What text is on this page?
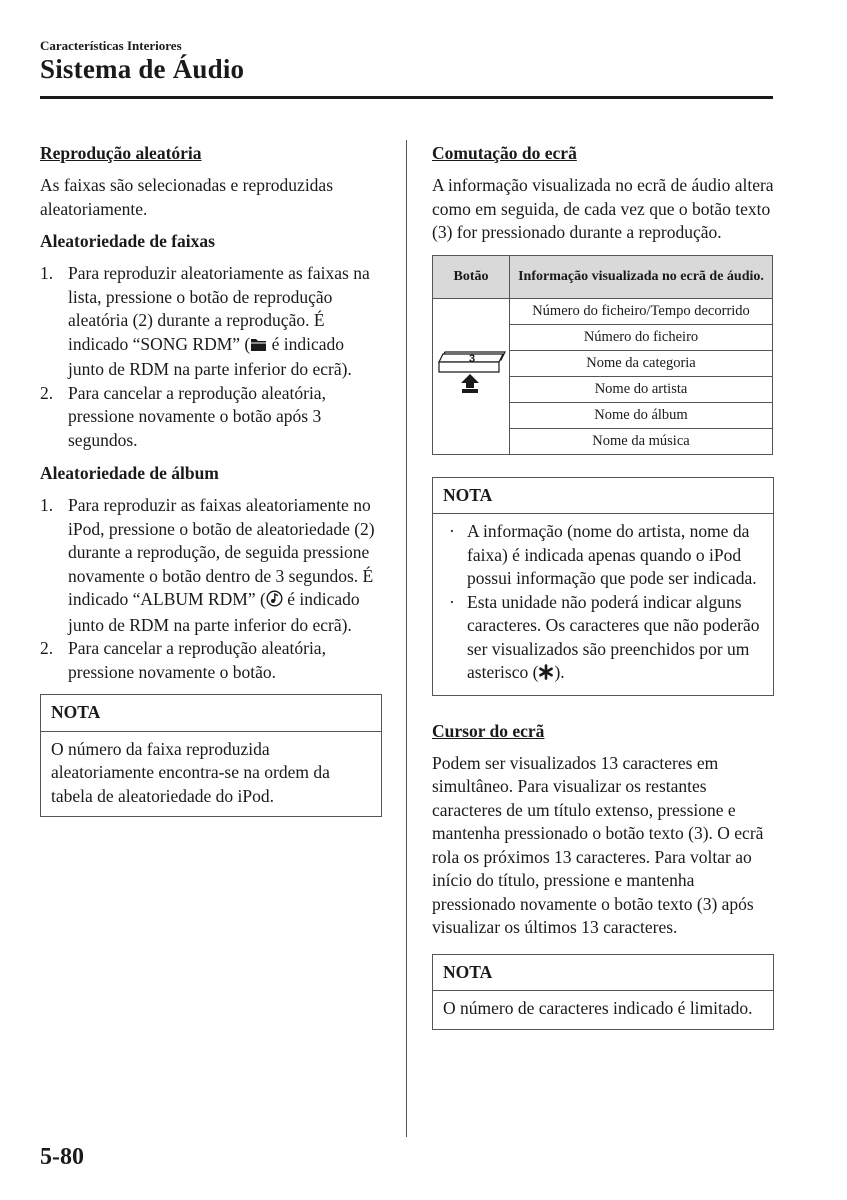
Características Interiores
Sistema de Áudio
Reprodução aleatória

As faixas são selecionadas e reproduzidas aleatoriamente.

Aleatoriedade de faixas
1. Para reproduzir aleatoriamente as faixas na lista, pressione o botão de reprodução aleatória (2) durante a reprodução. É indicado “SONG RDM” ( é indicado junto de RDM na parte inferior do ecrã).
2. Para cancelar a reprodução aleatória, pressione novamente o botão após 3 segundos.
Aleatoriedade de álbum
1. Para reproduzir as faixas aleatoriamente no iPod, pressione o botão de aleatoriedade (2) durante a reprodução, de seguida pressione novamente o botão dentro de 3 segundos. É indicado “ALBUM RDM” ( é indicado junto de RDM na parte inferior do ecrã).
2. Para cancelar a reprodução aleatória, pressione novamente o botão.
NOTA
O número da faixa reproduzida aleatoriamente encontra-se na ordem da tabela de aleatoriedade do iPod.
Comutação do ecrã

A informação visualizada no ecrã de áudio altera como em seguida, de cada vez que o botão texto (3) for pressionado durante a reprodução.

Botão	Informação visualizada no ecrã de áudio.

3	Número do ficheiro/Tempo decorrido
	Número do ficheiro
	Nome da categoria
	Nome do artista
	Nome do álbum
	Nome da música
NOTA
· A informação (nome do artista, nome da faixa) é indicada apenas quando o iPod possui informação que pode ser indicada.
· Esta unidade não poderá indicar alguns caracteres. Os caracteres que não poderão ser visualizados são preenchidos por um asterisco ( ).
Cursor do ecrã

Podem ser visualizados 13 caracteres em simultâneo. Para visualizar os restantes caracteres de um título extenso, pressione e mantenha pressionado o botão texto (3). O ecrã rola os próximos 13 caracteres. Para voltar ao início do título, pressione e mantenha pressionado novamente o botão texto (3) após visualizar os últimos 13 caracteres.

NOTA
O número de caracteres indicado é limitado.
5-80
